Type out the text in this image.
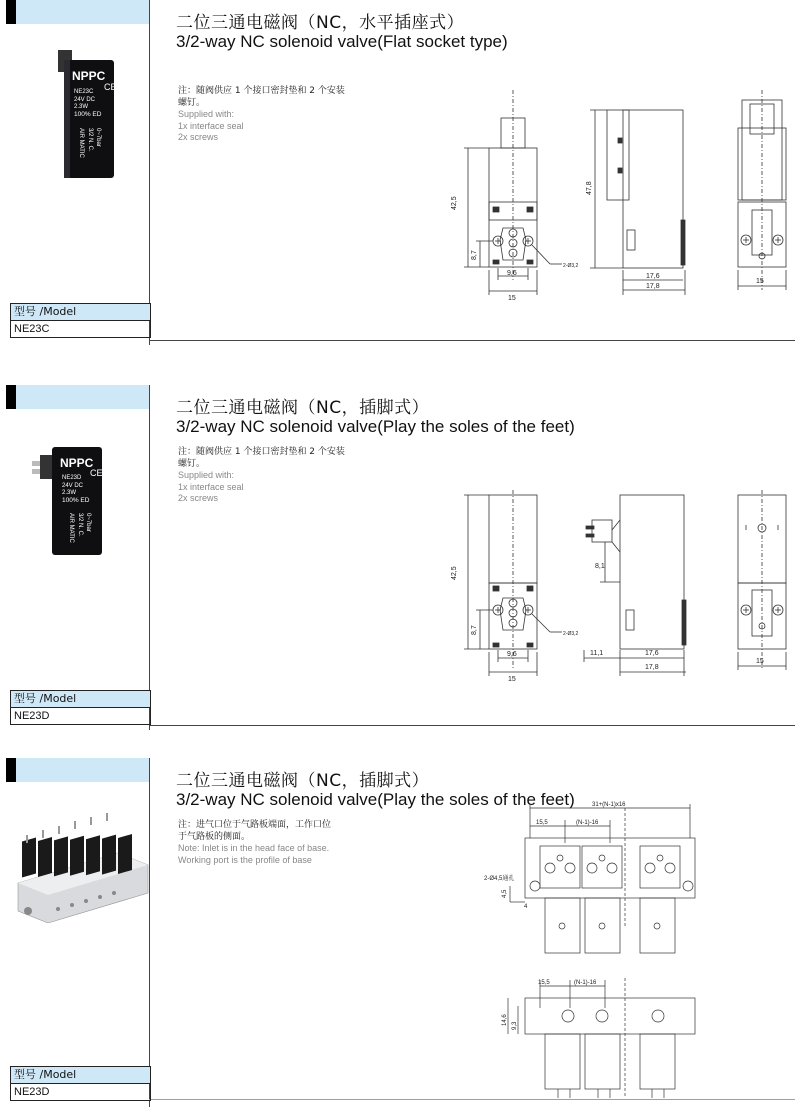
二位三通电磁阀（NC，水平插座式）
3/2-way NC solenoid valve(Flat socket type)
NPPC
NE23C
24V DC
2.3W
100% ED
CE
AIR MATIC 3/2 N. C. 0~7bar
注：随阀供应 1 个接口密封垫和 2 个安装螺钉。
Supplied with:
1x interface seal
2x screws
42,5
8,7
9,6
15
2-Ø3,2
47,8
17,6
17,8
15
型号 /Model
NE23C
二位三通电磁阀（NC，插脚式）
3/2-way NC solenoid valve(Play the soles of the feet)
NPPC
NE23D
24V DC
2.3W
100% ED
CE
AIR MATIC 3/2 N. C. 0~7bar
注：随阀供应 1 个接口密封垫和 2 个安装螺钉。
Supplied with:
1x interface seal
2x screws
42,5
8,7
9,6
15
2-Ø3,2
8,1
11,1	17,6
17,8
15
型号 /Model
NE23D
二位三通电磁阀（NC，插脚式）
3/2-way NC solenoid valve(Play the soles of the feet)
注：进气口位于气路板端面，工作口位
于气路板的侧面。
Note: Inlet is in the head face of base.
Working port is the profile of base
31+(N-1)x16
15,5	(N-1)-16
2-Ø4,5通孔
4,5
4
15,5	(N-1)-16
14,6 9,3
型号 /Model
NE23D
